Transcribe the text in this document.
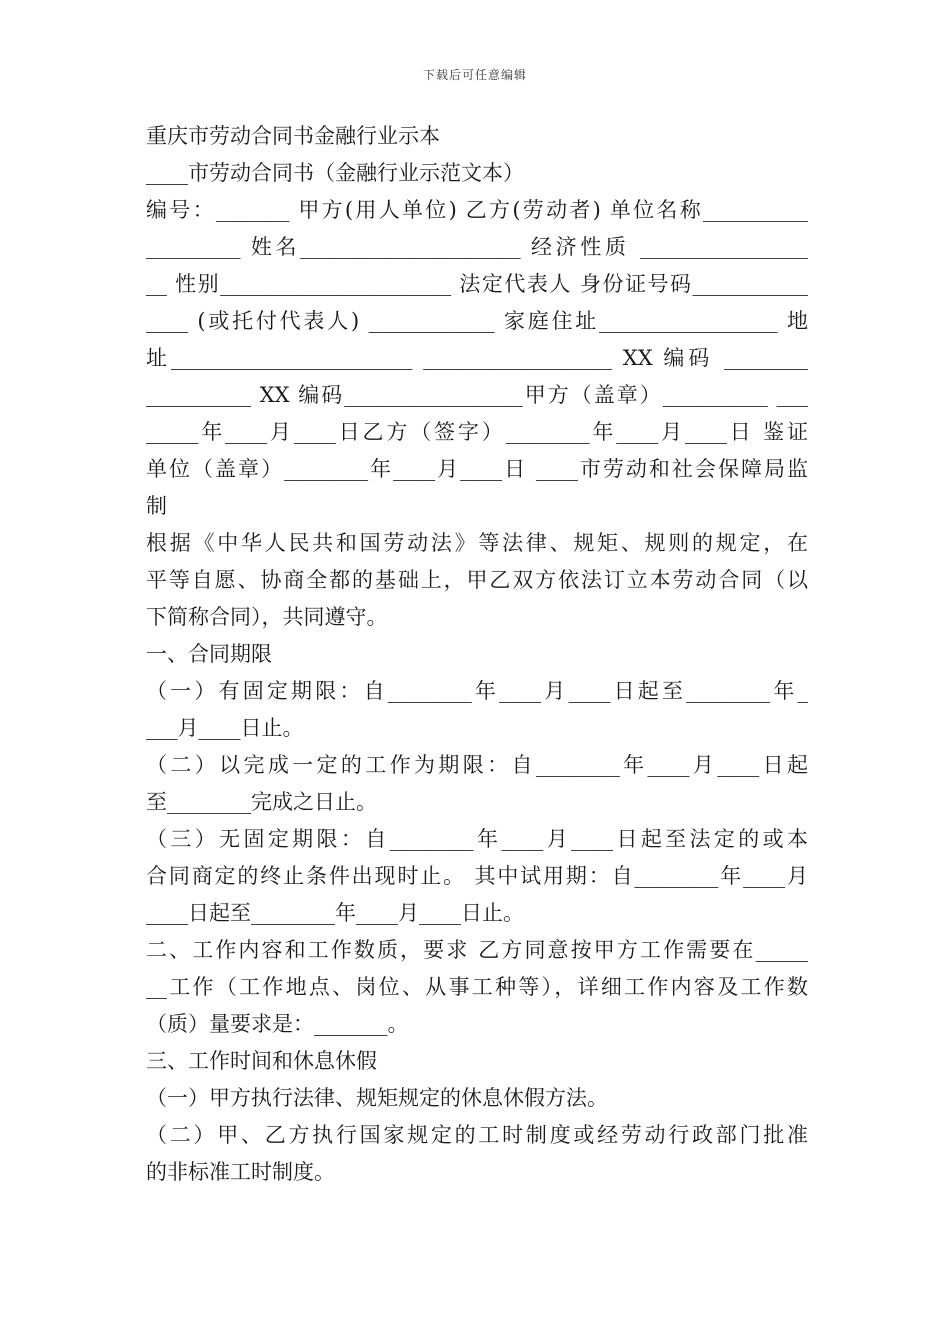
下载后可任意编辑
重庆市劳动合同书金融行业示本
____市劳动合同书（金融行业示范文本）
编号：_______ 甲方(用人单位) 乙方(劳动者) 单位名称__________
_________ 姓名_____________________ 经济性质 ________________
__ 性别______________________ 法定代表人 身份证号码___________
____ (或托付代表人) ____________ 家庭住址_________________ 地
址_______________________ __________________ XX 编码 ________
__________ XX 编码_________________甲方（盖章）__________ ___
_____年____月____日乙方（签字）________年____月____日 鉴证
单位（盖章）________年____月____日 ____市劳动和社会保障局监
制
根据《中华人民共和国劳动法》等法律、规矩、规则的规定，在
平等自愿、协商全都的基础上，甲乙双方依法订立本劳动合同（以
下简称合同），共同遵守。
一、合同期限
（一）有固定期限：自________年____月____日起至________年_
___月____日止。
（二）以完成一定的工作为期限：自________年____月____日起
至________完成之日止。
（三）无固定期限：自________年____月____日起至法定的或本
合同商定的终止条件出现时止。 其中试用期：自________年____月
____日起至________年____月____日止。
二、工作内容和工作数质，要求 乙方同意按甲方工作需要在_____
__工作（工作地点、岗位、从事工种等），详细工作内容及工作数
（质）量要求是：_______。
三、工作时间和休息休假
（一）甲方执行法律、规矩规定的休息休假方法。
（二）甲、乙方执行国家规定的工时制度或经劳动行政部门批准
的非标准工时制度。
